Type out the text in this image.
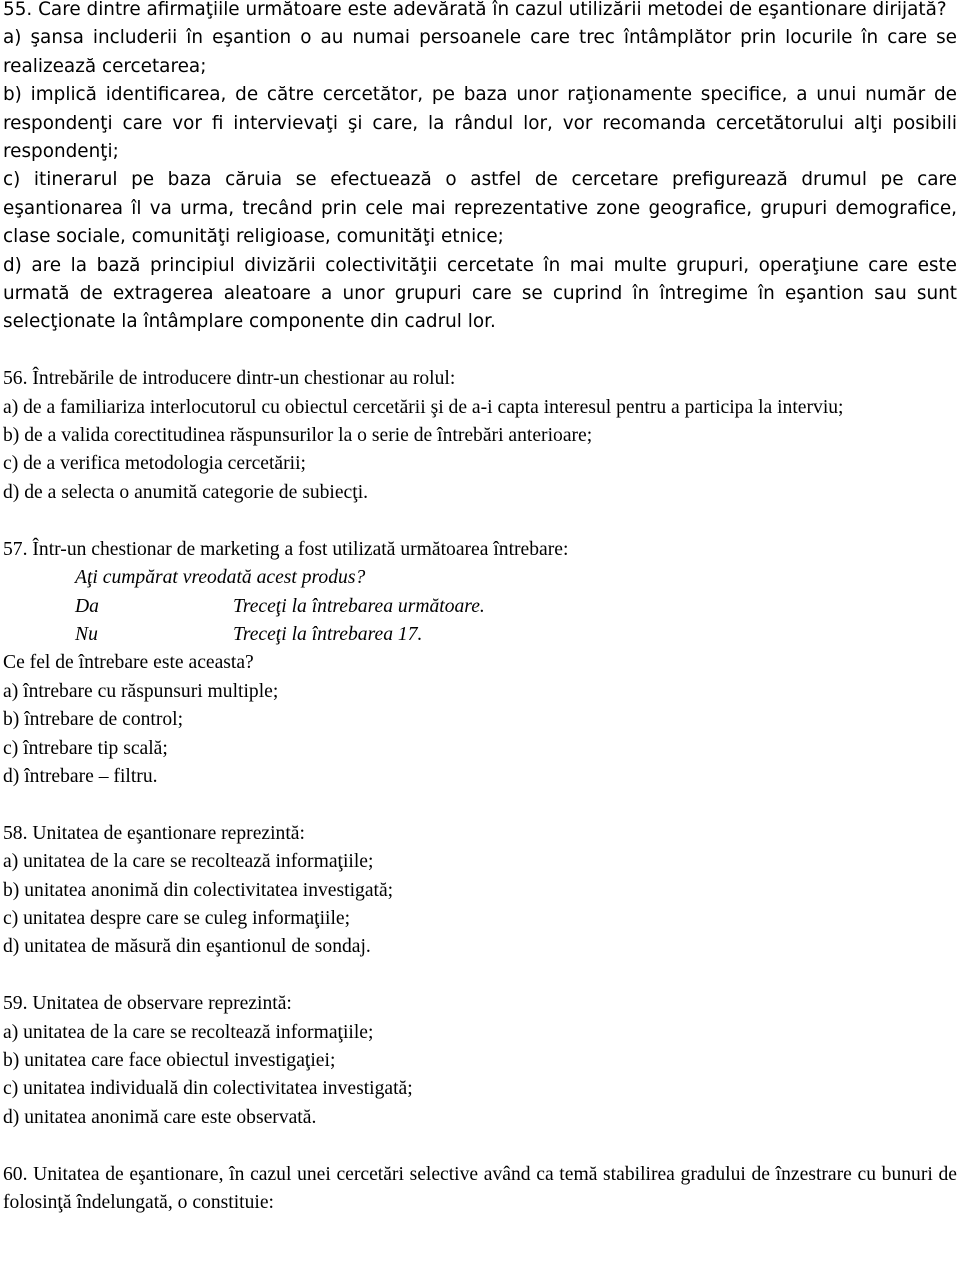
55. Care dintre afirmaţiile următoare este adevărată în cazul utilizării metodei de eşantionare dirijată?

a) şansa includerii în eşantion o au numai persoanele care trec întâmplător prin locurile în care se realizează cercetarea;

b) implică identificarea, de către cercetător, pe baza unor raţionamente specifice, a unui număr de respondenţi care vor fi intervievaţi şi care, la rândul lor, vor recomanda cercetătorului alţi posibili respondenţi;

c) itinerarul pe baza căruia se efectuează o astfel de cercetare prefigurează drumul pe care eşantionarea îl va urma, trecând prin cele mai reprezentative zone geografice, grupuri demografice, clase sociale, comunităţi religioase, comunităţi etnice;

d) are la bază principiul divizării colectivităţii cercetate în mai multe grupuri, operaţiune care este urmată de extragerea aleatoare a unor grupuri care se cuprind în întregime în eşantion sau sunt selecţionate la întâmplare componente din cadrul lor.

56. Întrebările de introducere dintr-un chestionar au rolul:

a) de a familiariza interlocutorul cu obiectul cercetării şi de a-i capta interesul pentru a participa la interviu;

b) de a valida corectitudinea răspunsurilor la o serie de întrebări anterioare;

c) de a verifica metodologia cercetării;

d) de a selecta o anumită categorie de subiecţi.

57. Într-un chestionar de marketing a fost utilizată următoarea întrebare:

Aţi cumpărat vreodată acest produs?

Da	Treceţi la întrebarea următoare.
Nu	Treceţi la întrebarea 17.

Ce fel de întrebare este aceasta?

a) întrebare cu răspunsuri multiple;

b) întrebare de control;

c) întrebare tip scală;

d) întrebare – filtru.

58. Unitatea de eşantionare reprezintă:

a) unitatea de la care se recoltează informaţiile;

b) unitatea anonimă din colectivitatea investigată;

c) unitatea despre care se culeg informaţiile;

d) unitatea de măsură din eşantionul de sondaj.

59. Unitatea de observare reprezintă:

a) unitatea de la care se recoltează informaţiile;

b) unitatea care face obiectul investigaţiei;

c) unitatea individuală din colectivitatea investigată;

d) unitatea anonimă care este observată.

60. Unitatea de eşantionare, în cazul unei cercetări selective având ca temă stabilirea gradului de înzestrare cu bunuri de folosinţă îndelungată, o constituie:
